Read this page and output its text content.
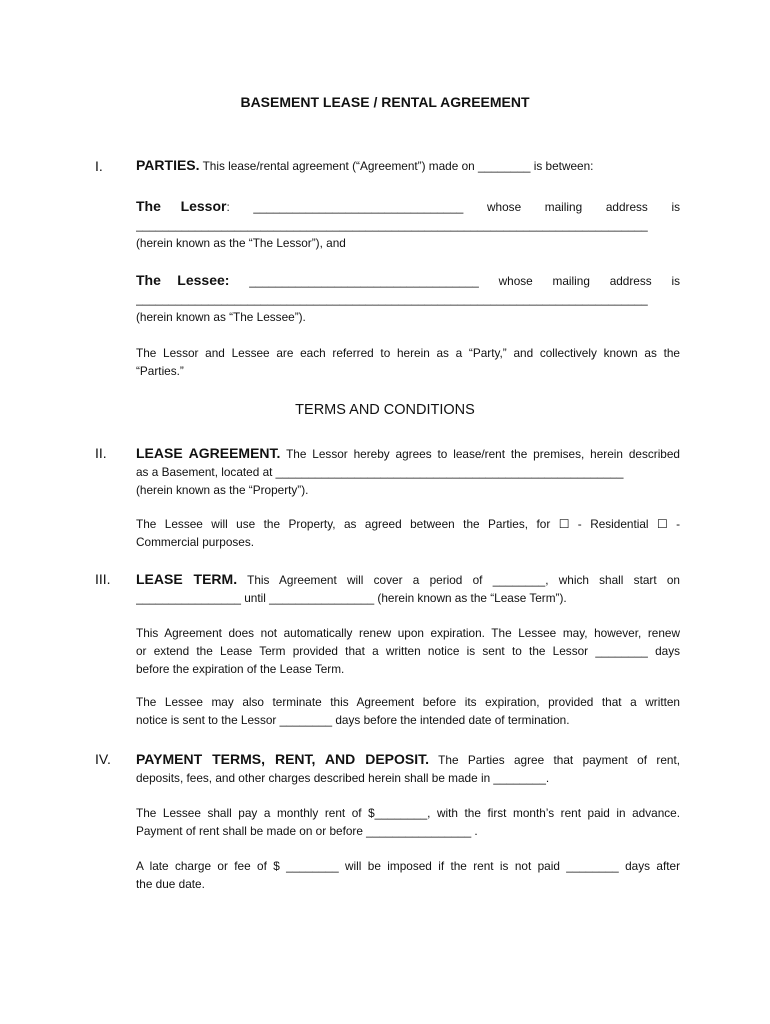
BASEMENT LEASE / RENTAL AGREEMENT
I.	PARTIES. This lease/rental agreement (“Agreement”) made on ________ is between:
The Lessor: ________________________________ whose mailing address is
______________________________________________________________________________
(herein known as the “The Lessor”), and
The Lessee: ___________________________________ whose mailing address is
______________________________________________________________________________
(herein known as “The Lessee”).
The Lessor and Lessee are each referred to herein as a “Party,” and collectively known as the
“Parties.”
TERMS AND CONDITIONS
II.	LEASE AGREEMENT. The Lessor hereby agrees to lease/rent the premises, herein described
as a Basement, located at _____________________________________________________
(herein known as the “Property”).
The Lessee will use the Property, as agreed between the Parties, for ☐ - Residential ☐ -
Commercial purposes.
III.	LEASE TERM. This Agreement will cover a period of ________, which shall start on
________________ until ________________ (herein known as the “Lease Term”).
This Agreement does not automatically renew upon expiration. The Lessee may, however, renew
or extend the Lease Term provided that a written notice is sent to the Lessor ________ days
before the expiration of the Lease Term.
The Lessee may also terminate this Agreement before its expiration, provided that a written
notice is sent to the Lessor ________ days before the intended date of termination.
IV.	PAYMENT TERMS, RENT, AND DEPOSIT. The Parties agree that payment of rent,
deposits, fees, and other charges described herein shall be made in ________.
The Lessee shall pay a monthly rent of $________, with the first month’s rent paid in advance.
Payment of rent shall be made on or before ________________ .
A late charge or fee of $ ________ will be imposed if the rent is not paid ________ days after
the due date.
